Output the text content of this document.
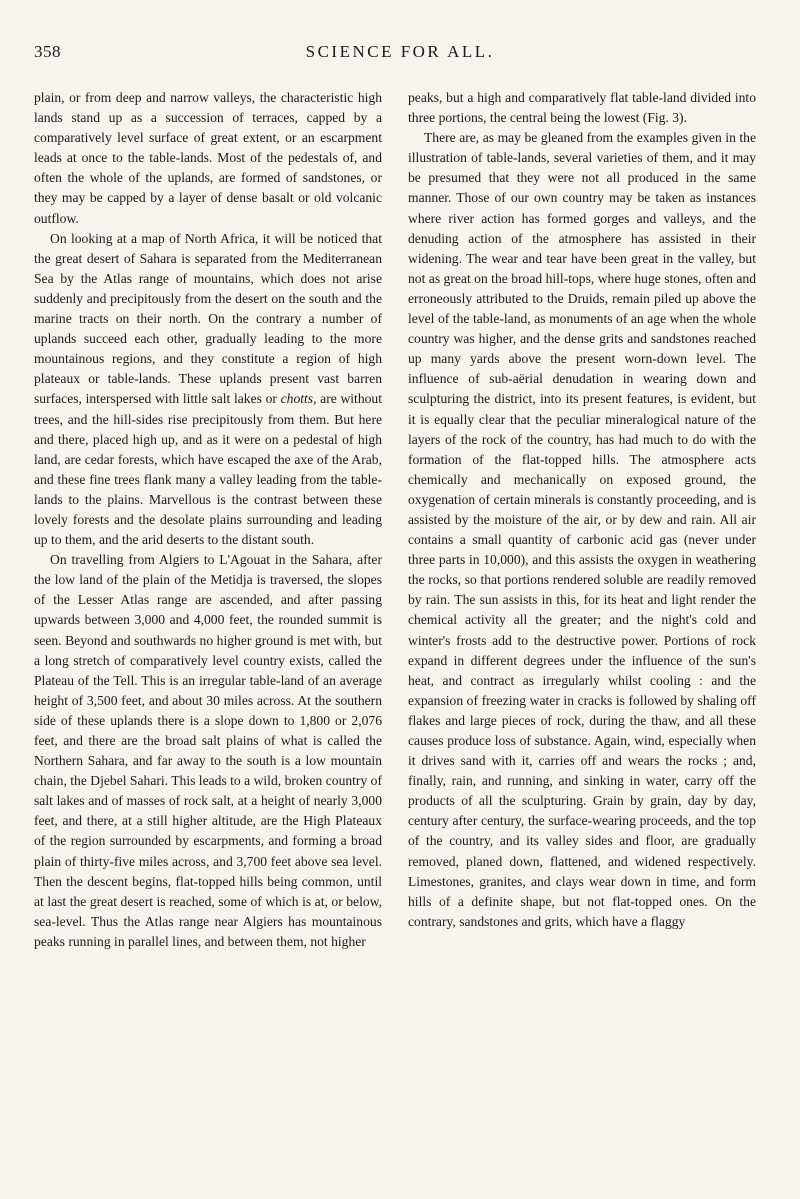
358	SCIENCE FOR ALL.

plain, or from deep and narrow valleys, the characteristic high lands stand up as a succession of terraces, capped by a comparatively level surface of great extent, or an escarpment leads at once to the table-lands. Most of the pedestals of, and often the whole of the uplands, are formed of sandstones, or they may be capped by a layer of dense basalt or old volcanic outflow.

On looking at a map of North Africa, it will be noticed that the great desert of Sahara is separated from the Mediterranean Sea by the Atlas range of mountains, which does not arise suddenly and precipitously from the desert on the south and the marine tracts on their north. On the contrary a number of uplands succeed each other, gradually leading to the more mountainous regions, and they constitute a region of high plateaux or table-lands. These uplands present vast barren surfaces, interspersed with little salt lakes or chotts, are without trees, and the hill-sides rise precipitously from them. But here and there, placed high up, and as it were on a pedestal of high land, are cedar forests, which have escaped the axe of the Arab, and these fine trees flank many a valley leading from the table-lands to the plains. Marvellous is the contrast between these lovely forests and the desolate plains surrounding and leading up to them, and the arid deserts to the distant south.

On travelling from Algiers to L'Agouat in the Sahara, after the low land of the plain of the Metidja is traversed, the slopes of the Lesser Atlas range are ascended, and after passing upwards between 3,000 and 4,000 feet, the rounded summit is seen. Beyond and southwards no higher ground is met with, but a long stretch of comparatively level country exists, called the Plateau of the Tell. This is an irregular table-land of an average height of 3,500 feet, and about 30 miles across. At the southern side of these uplands there is a slope down to 1,800 or 2,076 feet, and there are the broad salt plains of what is called the Northern Sahara, and far away to the south is a low mountain chain, the Djebel Sahari. This leads to a wild, broken country of salt lakes and of masses of rock salt, at a height of nearly 3,000 feet, and there, at a still higher altitude, are the High Plateaux of the region surrounded by escarpments, and forming a broad plain of thirty-five miles across, and 3,700 feet above sea level. Then the descent begins, flat-topped hills being common, until at last the great desert is reached, some of which is at, or below, sea-level. Thus the Atlas range near Algiers has mountainous peaks running in parallel lines, and between them, not higher

peaks, but a high and comparatively flat table-land divided into three portions, the central being the lowest (Fig. 3).

There are, as may be gleaned from the examples given in the illustration of table-lands, several varieties of them, and it may be presumed that they were not all produced in the same manner. Those of our own country may be taken as instances where river action has formed gorges and valleys, and the denuding action of the atmosphere has assisted in their widening. The wear and tear have been great in the valley, but not as great on the broad hill-tops, where huge stones, often and erroneously attributed to the Druids, remain piled up above the level of the table-land, as monuments of an age when the whole country was higher, and the dense grits and sandstones reached up many yards above the present worn-down level. The influence of sub-aërial denudation in wearing down and sculpturing the district, into its present features, is evident, but it is equally clear that the peculiar mineralogical nature of the layers of the rock of the country, has had much to do with the formation of the flat-topped hills. The atmosphere acts chemically and mechanically on exposed ground, the oxygenation of certain minerals is constantly proceeding, and is assisted by the moisture of the air, or by dew and rain. All air contains a small quantity of carbonic acid gas (never under three parts in 10,000), and this assists the oxygen in weathering the rocks, so that portions rendered soluble are readily removed by rain. The sun assists in this, for its heat and light render the chemical activity all the greater; and the night's cold and winter's frosts add to the destructive power. Portions of rock expand in different degrees under the influence of the sun's heat, and contract as irregularly whilst cooling : and the expansion of freezing water in cracks is followed by shaling off flakes and large pieces of rock, during the thaw, and all these causes produce loss of substance. Again, wind, especially when it drives sand with it, carries off and wears the rocks ; and, finally, rain, and running, and sinking in water, carry off the products of all the sculpturing. Grain by grain, day by day, century after century, the surface-wearing proceeds, and the top of the country, and its valley sides and floor, are gradually removed, planed down, flattened, and widened respectively. Limestones, granites, and clays wear down in time, and form hills of a definite shape, but not flat-topped ones. On the contrary, sandstones and grits, which have a flaggy
